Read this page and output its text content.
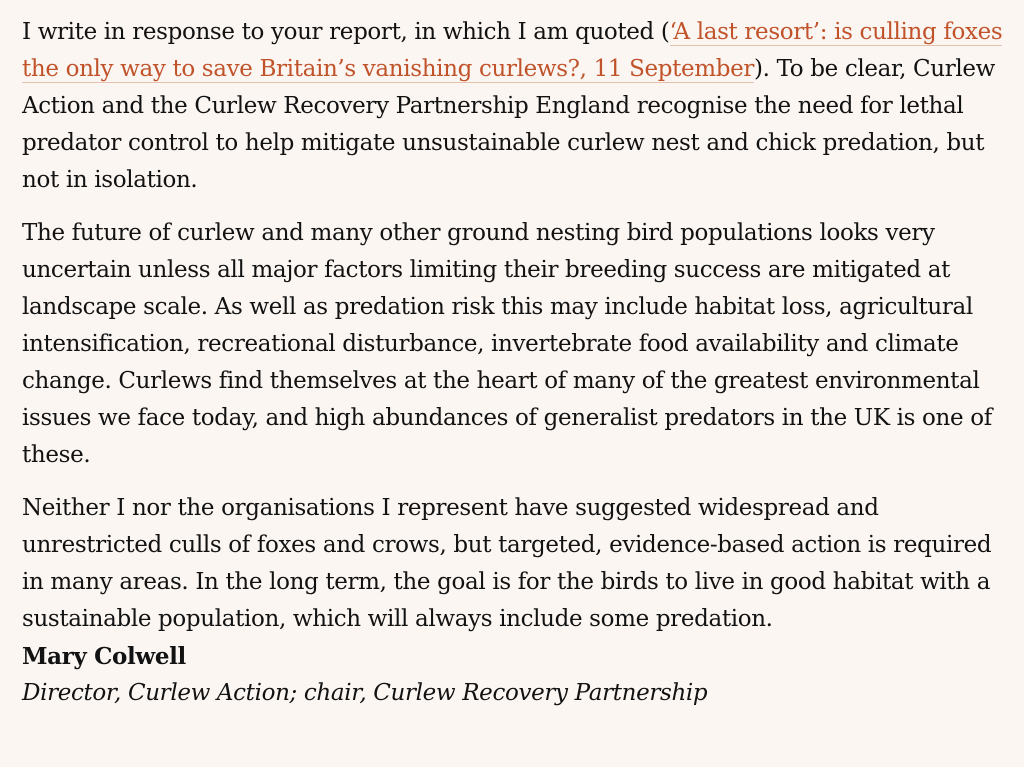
I write in response to your report, in which I am quoted (‘A last resort’: is culling foxes the only way to save Britain’s vanishing curlews?, 11 September). To be clear, Curlew Action and the Curlew Recovery Partnership England recognise the need for lethal predator control to help mitigate unsustainable curlew nest and chick predation, but not in isolation.

The future of curlew and many other ground nesting bird populations looks very uncertain unless all major factors limiting their breeding success are mitigated at landscape scale. As well as predation risk this may include habitat loss, agricultural intensification, recreational disturbance, invertebrate food availability and climate change. Curlews find themselves at the heart of many of the greatest environmental issues we face today, and high abundances of generalist predators in the UK is one of these.

Neither I nor the organisations I represent have suggested widespread and unrestricted culls of foxes and crows, but targeted, evidence-based action is required in many areas. In the long term, the goal is for the birds to live in good habitat with a sustainable population, which will always include some predation.

Mary Colwell
Director, Curlew Action; chair, Curlew Recovery Partnership
